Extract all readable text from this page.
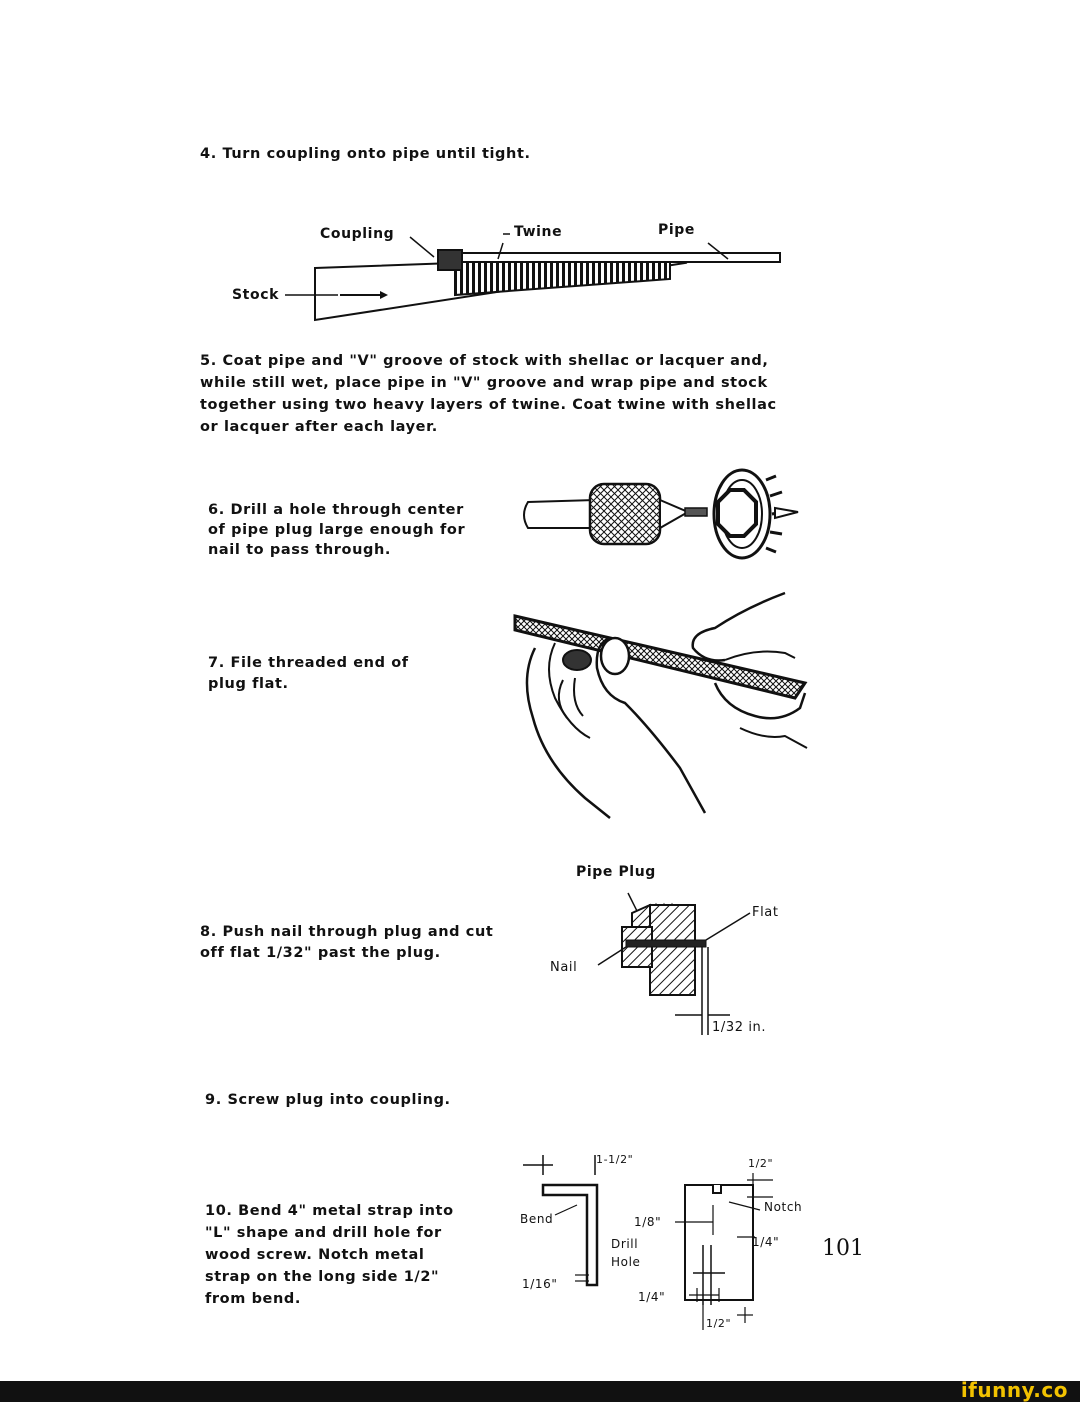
4. Turn coupling onto pipe until tight.

Coupling	Twine	Pipe
Stock

5. Coat pipe and "V" groove of stock with shellac or lacquer and,
while still wet, place pipe in "V" groove and wrap pipe and stock
together using two heavy layers of twine. Coat twine with shellac
or lacquer after each layer.

6. Drill a hole through center
of pipe plug large enough for
nail to pass through.

7. File threaded end of
plug flat.

Pipe Plug

8. Push nail through plug and cut
off flat 1/32" past the plug.

Flat
Nail
1/32 in.

9. Screw plug into coupling.

10. Bend 4" metal strap into
"L" shape and drill hole for
wood screw. Notch metal
strap on the long side 1/2"
from bend.

1-1/2"	1/2"
Bend	1/8"
Notch
Drill
Hole
1/4"
1/16"
1/4"
1/2"
101
ifunny.co
